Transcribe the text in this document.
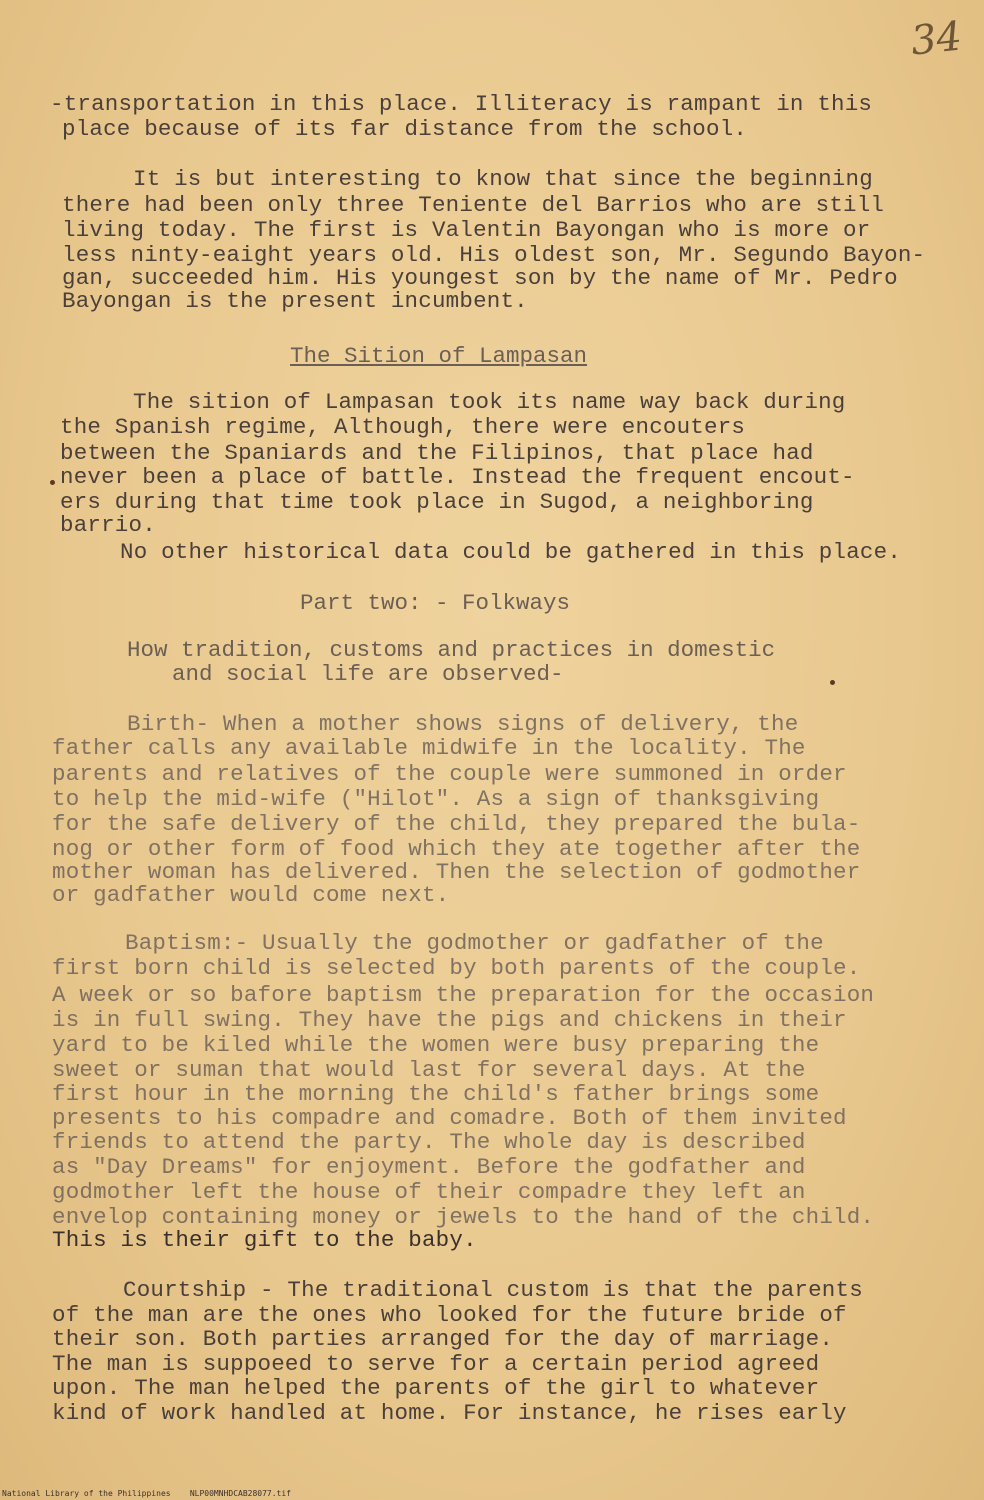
34
-transportation in this place. Illiteracy is rampant in this
place because of its far distance from the school.
It is but interesting to know that since the beginning
there had been only three Teniente del Barrios who are still
living today. The first is Valentin Bayongan who is more or
less ninty-eaight years old. His oldest son, Mr. Segundo Bayon-
gan, succeeded him. His youngest son by the name of Mr. Pedro
Bayongan is the present incumbent.
The Sition of Lampasan
The sition of Lampasan took its name way back during
the Spanish regime, Although, there were encouters
between the Spaniards and the Filipinos, that place had
never been a place of battle. Instead the frequent encout-
ers during that time took place in Sugod, a neighboring
barrio.
No other historical data could be gathered in this place.
Part two: - Folkways
How tradition, customs and practices in domestic
and social life are observed-
Birth- When a mother shows signs of delivery, the
father calls any available midwife in the locality. The
parents and relatives of the couple were summoned in order
to help the mid-wife ("Hilot". As a sign of thanksgiving
for the safe delivery of the child, they prepared the bula-
nog or other form of food which they ate together after the
mother woman has delivered. Then the selection of godmother
or gadfather would come next.
Baptism:- Usually the godmother or gadfather of the
first born child is selected by both parents of the couple.
A week or so bafore baptism the preparation for the occasion
is in full swing. They have the pigs and chickens in their
yard to be kiled while the women were busy preparing the
sweet or suman that would last for several days. At the
first hour in the morning the child's father brings some
presents to his compadre and comadre. Both of them invited
friends to attend the party. The whole day is described
as "Day Dreams" for enjoyment. Before the godfather and
godmother left the house of their compadre they left an
envelop containing money or jewels to the hand of the child.
This is their gift to the baby.
Courtship - The traditional custom is that the parents
of the man are the ones who looked for the future bride of
their son. Both parties arranged for the day of marriage.
The man is suppoeed to serve for a certain period agreed
upon. The man helped the parents of the girl to whatever
kind of work handled at home. For instance, he rises early
National Library of the Philippines    NLP00MNHDCAB28077.tif
